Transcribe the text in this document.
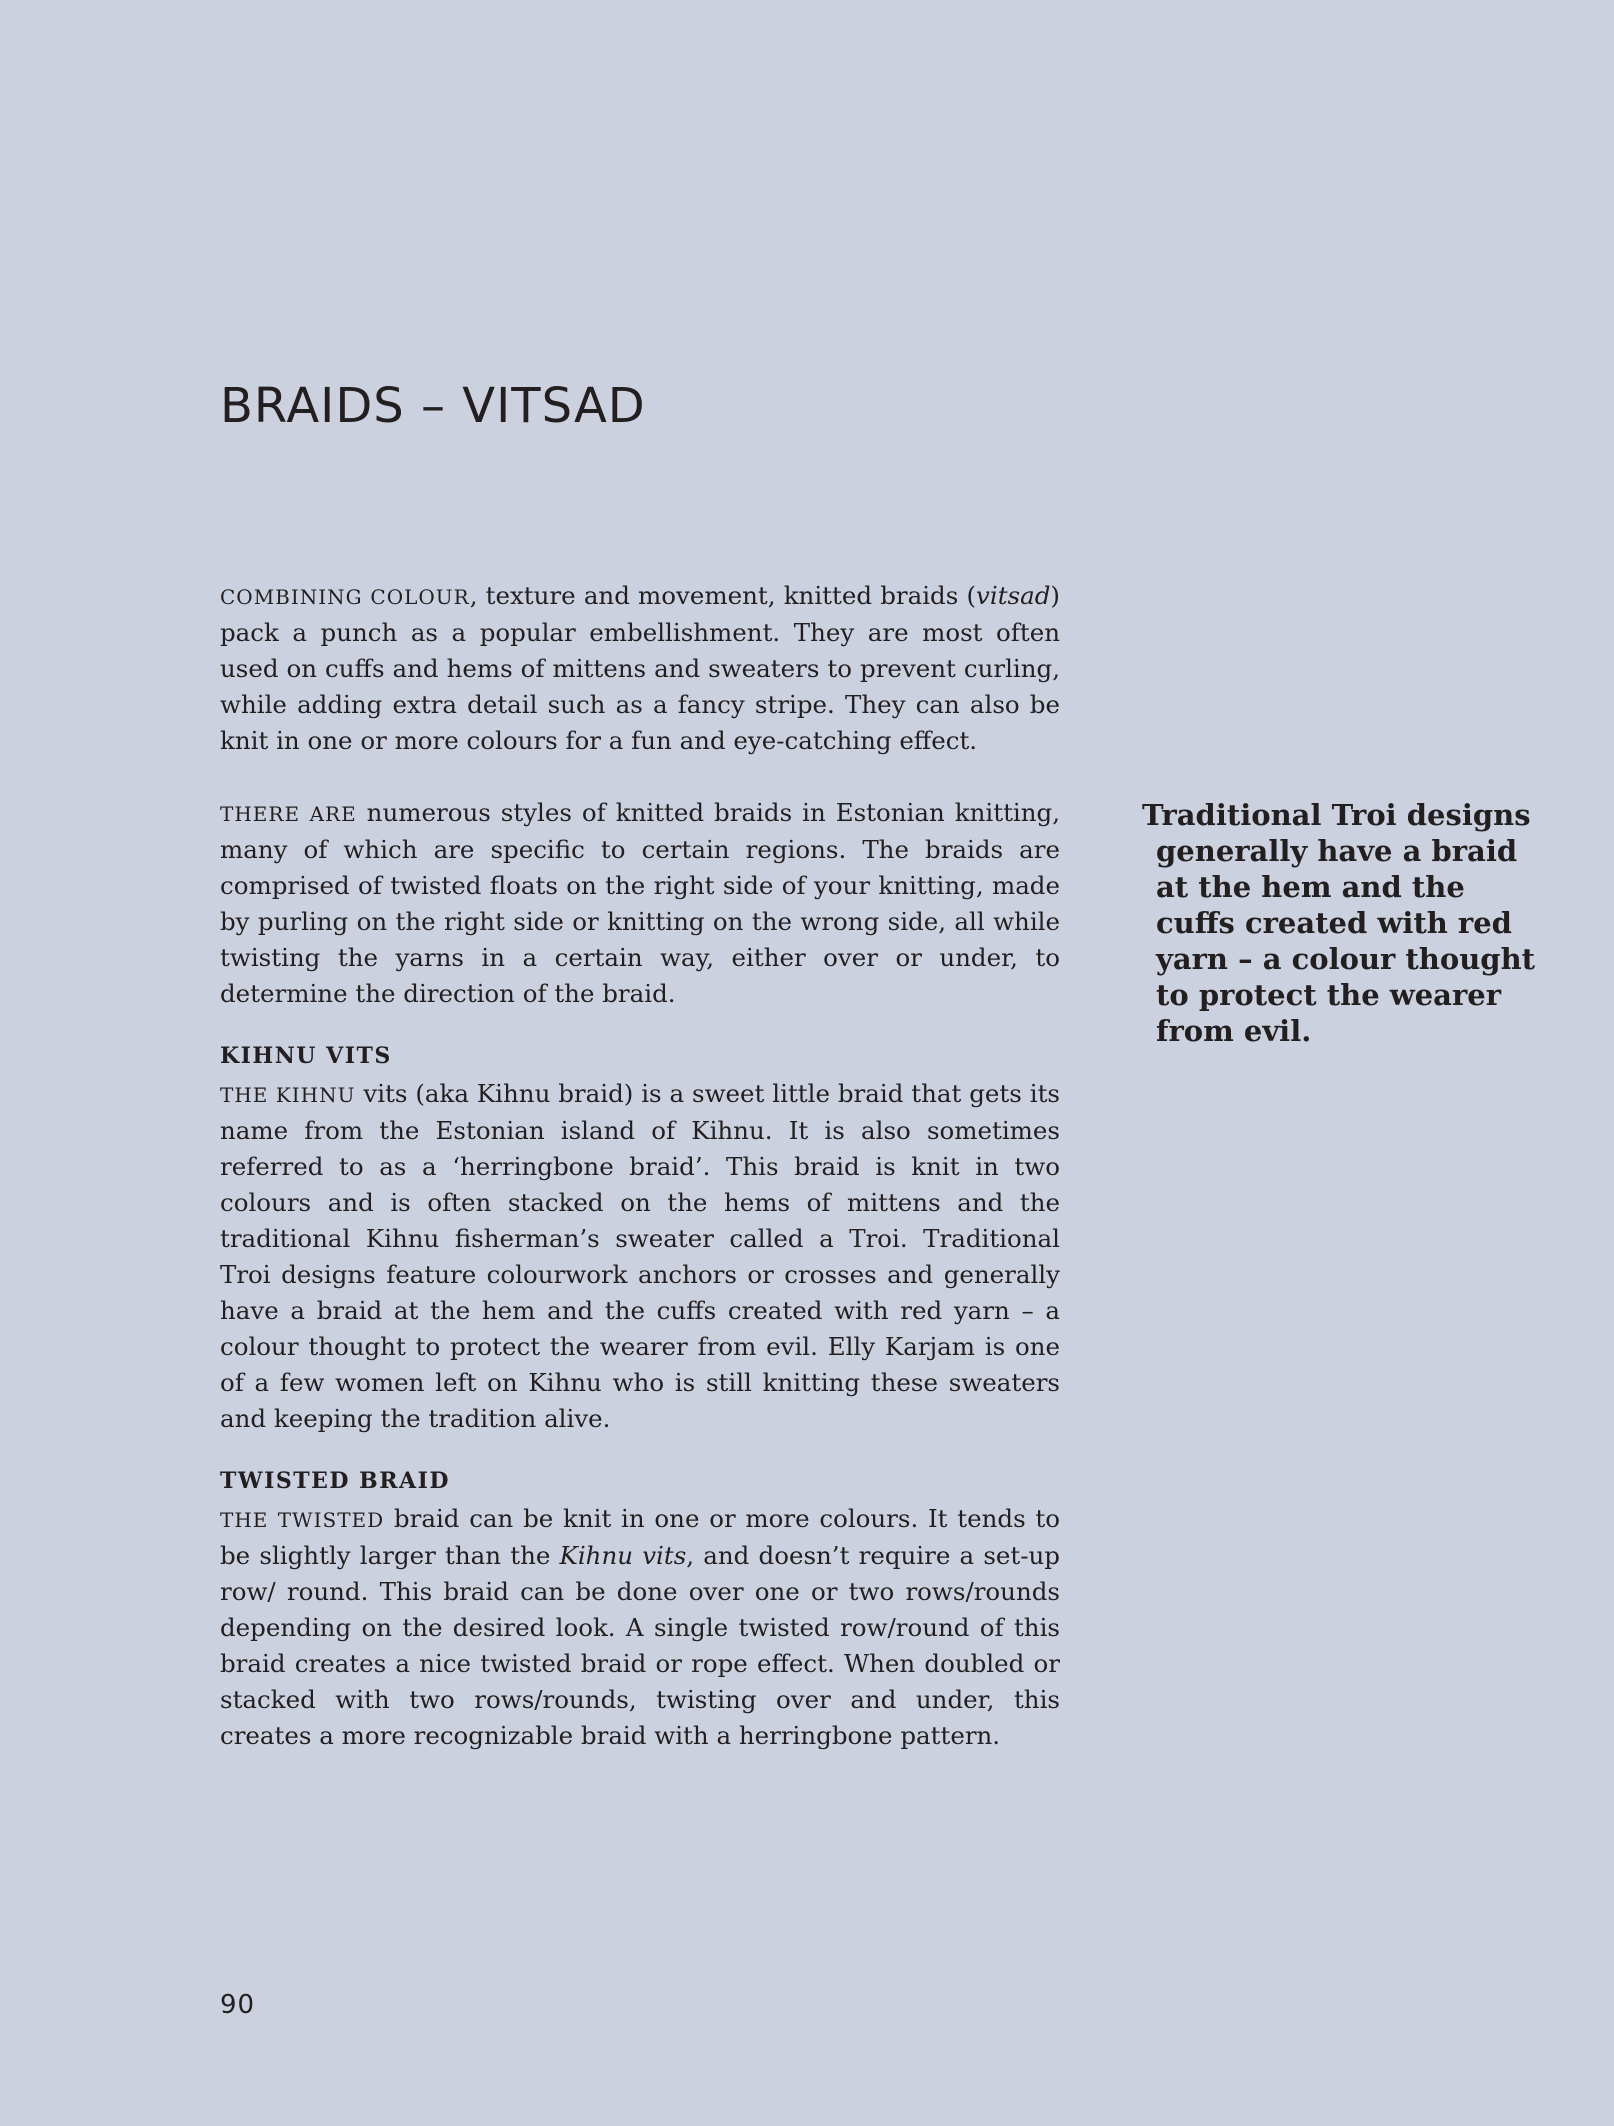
BRAIDS – VITSAD

COMBINING COLOUR, texture and movement, knitted braids (vitsad) pack a punch as a popular embellishment. They are most often used on cuffs and hems of mittens and sweaters to prevent curling, while adding extra detail such as a fancy stripe. They can also be knit in one or more colours for a fun and eye-catching effect.

THERE ARE numerous styles of knitted braids in Estonian knitting, many of which are specific to certain regions. The braids are comprised of twisted floats on the right side of your knitting, made by purling on the right side or knitting on the wrong side, all while twisting the yarns in a certain way, either over or under, to determine the direction of the braid.

KIHNU VITS

THE KIHNU vits (aka Kihnu braid) is a sweet little braid that gets its name from the Estonian island of Kihnu. It is also sometimes referred to as a ‘herringbone braid’. This braid is knit in two colours and is often stacked on the hems of mittens and the traditional Kihnu fisherman’s sweater called a Troi. Traditional Troi designs feature colourwork anchors or crosses and generally have a braid at the hem and the cuffs created with red yarn – a colour thought to protect the wearer from evil. Elly Karjam is one of a few women left on Kihnu who is still knitting these sweaters and keeping the tradition alive.

TWISTED BRAID

THE TWISTED braid can be knit in one or more colours. It tends to be slightly larger than the Kihnu vits, and doesn’t require a set-up row/ round. This braid can be done over one or two rows/rounds depending on the desired look. A single twisted row/round of this braid creates a nice twisted braid or rope effect. When doubled or stacked with two rows/rounds, twisting over and under, this creates a more recognizable braid with a herringbone pattern.

Traditional Troi designs generally have a braid at the hem and the cuffs created with red yarn – a colour thought to protect the wearer from evil.

90
